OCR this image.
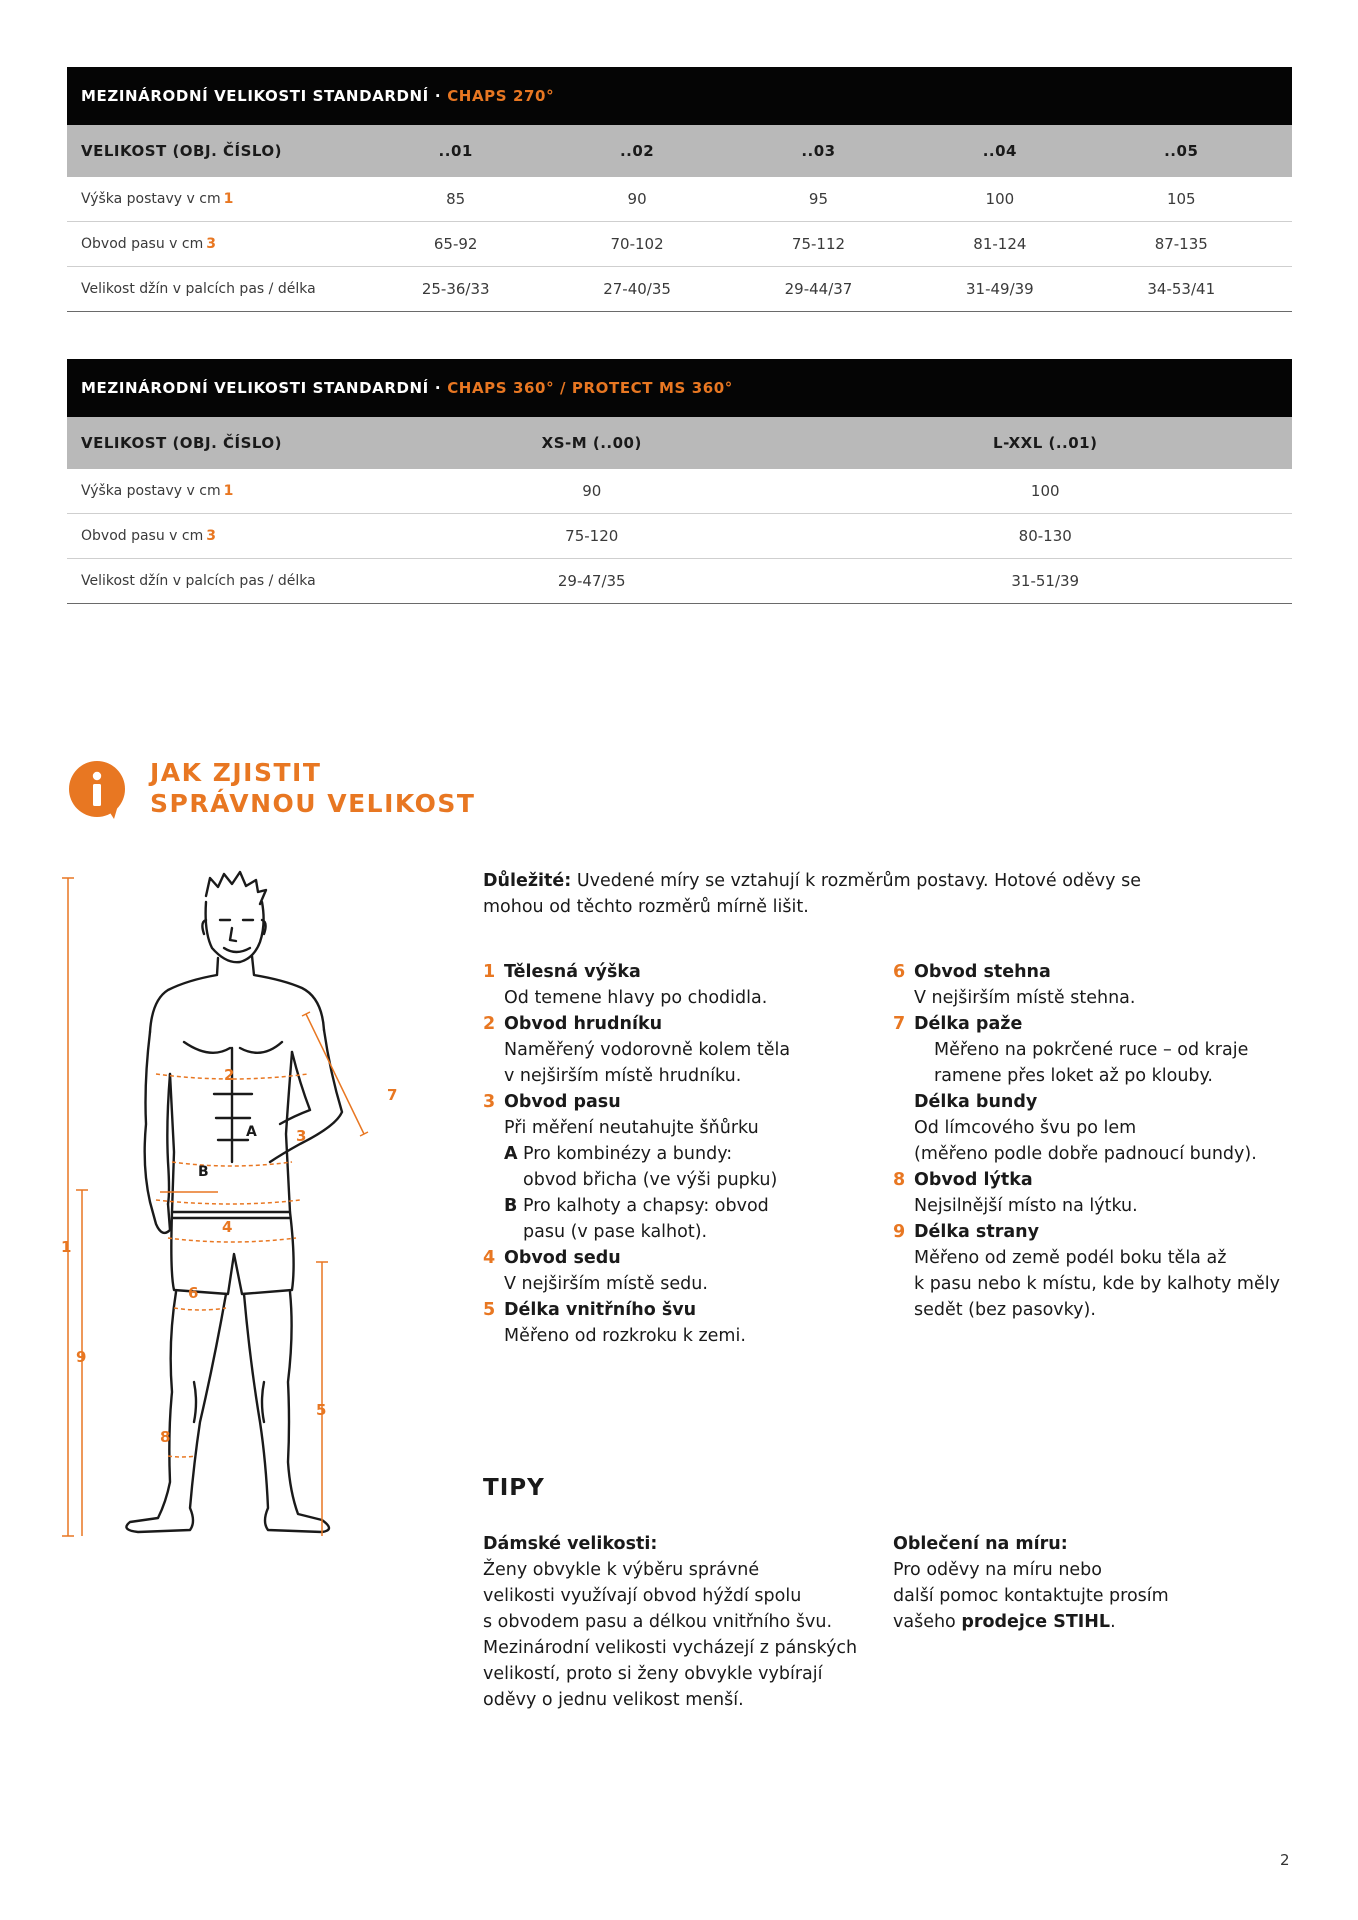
MEZINÁRODNÍ VELIKOSTI STANDARDNÍ · CHAPS 270°
VELIKOST (OBJ. ČÍSLO)	..01	..02	..03	..04	..05
Výška postavy v cm 1	85	90	95	100	105
Obvod pasu v cm 3	65-92	70-102	75-112	81-124	87-135
Velikost džín v palcích pas / délka	25-36/33	27-40/35	29-44/37	31-49/39	34-53/41
MEZINÁRODNÍ VELIKOSTI STANDARDNÍ · CHAPS 360° / PROTECT MS 360°
VELIKOST (OBJ. ČÍSLO)	XS-M (..00)	L-XXL (..01)
Výška postavy v cm 1	90	100
Obvod pasu v cm 3	75-120	80-130
Velikost džín v palcích pas / délka	29-47/35	31-51/39
JAK ZJISTIT
SPRÁVNOU VELIKOST
1
2
3
4
5
6
7
8
9
A
B
Důležité: Uvedené míry se vztahují k rozměrům postavy. Hotové oděvy se mohou od těchto rozměrů mírně lišit.
1 Tělesná výška
Od temene hlavy po chodidla.
2 Obvod hrudníku
Naměřený vodorovně kolem těla
v nejširším místě hrudníku.
3 Obvod pasu
Při měření neutahujte šňůrku
A Pro kombinézy a bundy:
obvod břicha (ve výši pupku)
B Pro kalhoty a chapsy: obvod
pasu (v pase kalhot).
4 Obvod sedu
V nejširším místě sedu.
5 Délka vnitřního švu
Měřeno od rozkroku k zemi.
6 Obvod stehna
V nejširším místě stehna.
7 Délka paže
Měřeno na pokrčené ruce – od kraje
ramene přes loket až po klouby.
Délka bundy
Od límcového švu po lem
(měřeno podle dobře padnoucí bundy).
8 Obvod lýtka
Nejsilnější místo na lýtku.
9 Délka strany
Měřeno od země podél boku těla až
k pasu nebo k místu, kde by kalhoty měly
sedět (bez pasovky).
TIPY
Dámské velikosti:
Ženy obvykle k výběru správné
velikosti využívají obvod hýždí spolu
s obvodem pasu a délkou vnitřního švu.
Mezinárodní velikosti vycházejí z pánských
velikostí, proto si ženy obvykle vybírají
oděvy o jednu velikost menší.
Oblečení na míru:
Pro oděvy na míru nebo
další pomoc kontaktujte prosím
vašeho prodejce STIHL.
2
